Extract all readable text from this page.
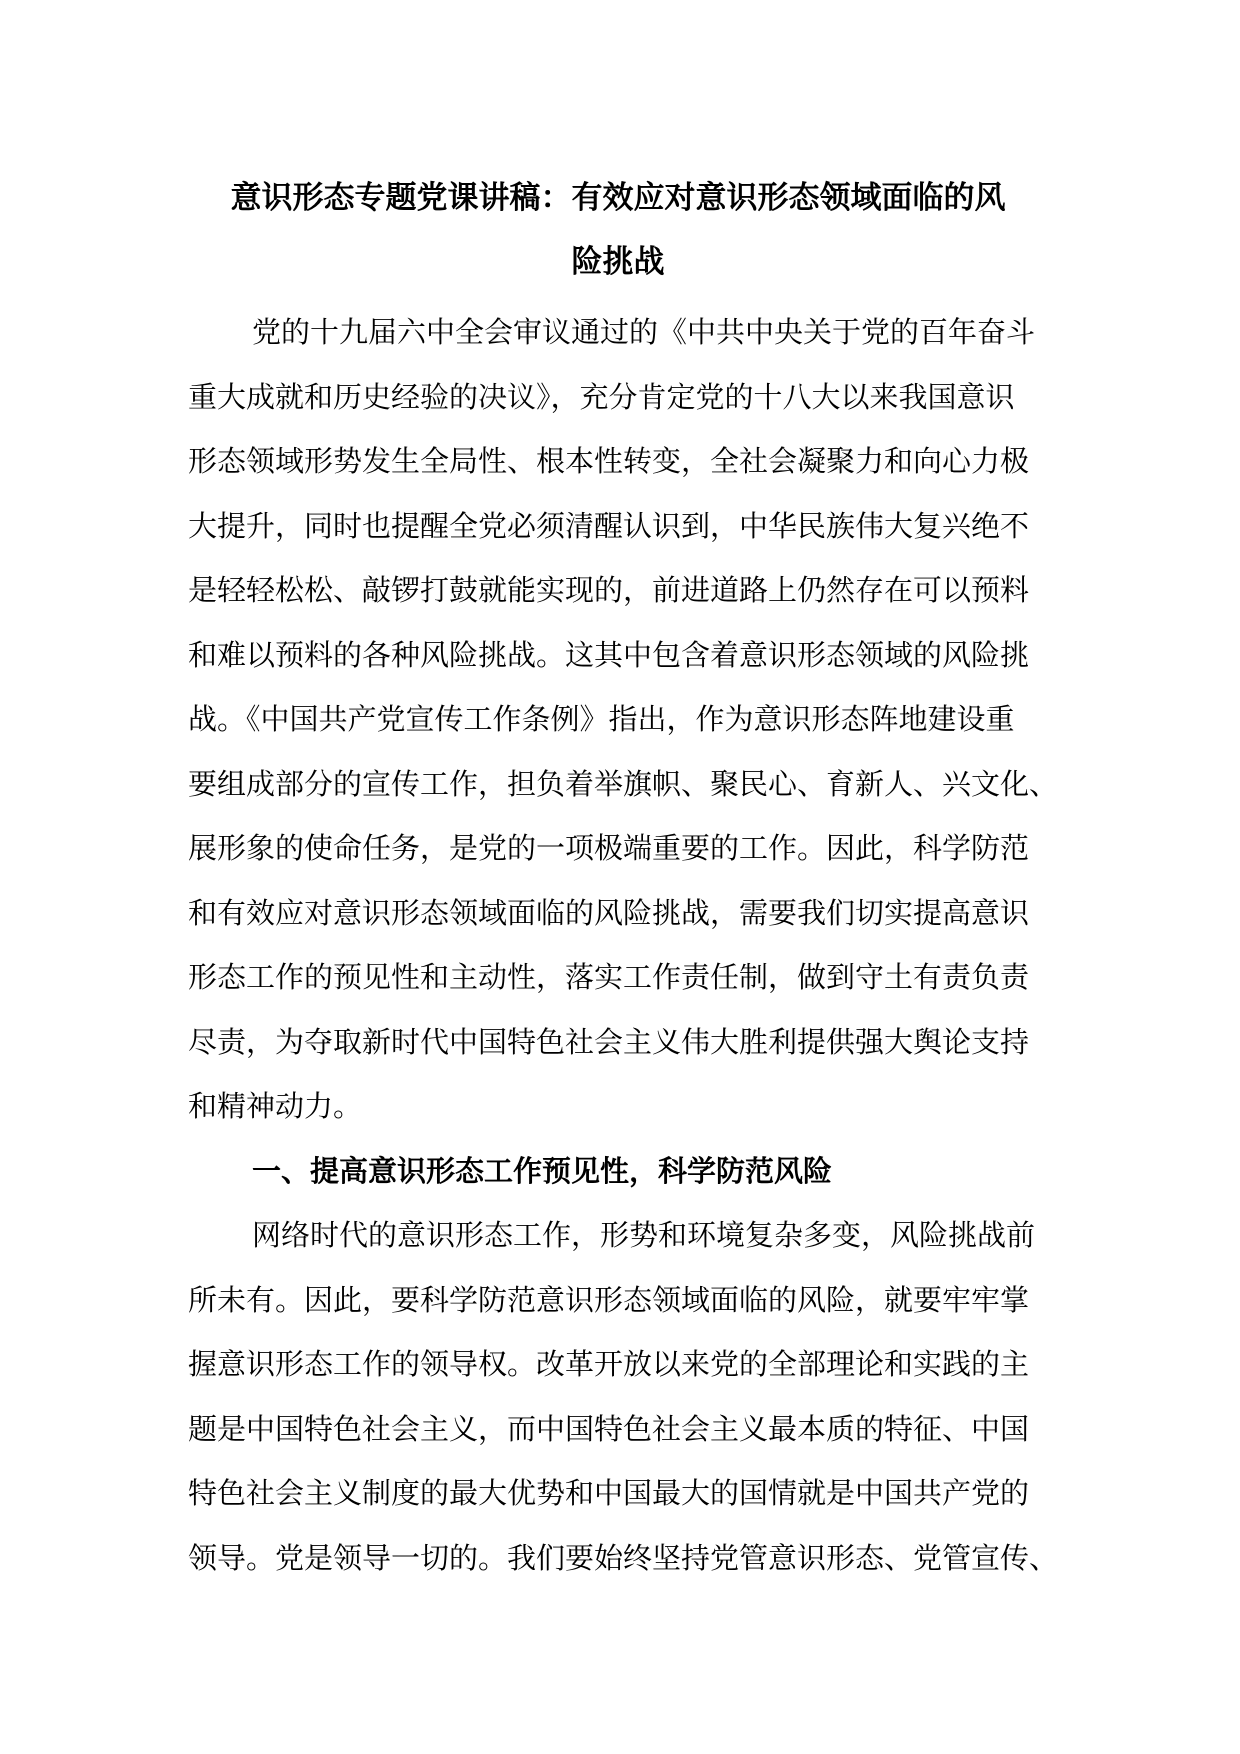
意识形态专题党课讲稿：有效应对意识形态领域面临的风
险挑战
党的十九届六中全会审议通过的《中共中央关于党的百年奋斗
重大成就和历史经验的决议》，充分肯定党的十八大以来我国意识
形态领域形势发生全局性、根本性转变，全社会凝聚力和向心力极
大提升，同时也提醒全党必须清醒认识到，中华民族伟大复兴绝不
是轻轻松松、敲锣打鼓就能实现的，前进道路上仍然存在可以预料
和难以预料的各种风险挑战。这其中包含着意识形态领域的风险挑
战。《中国共产党宣传工作条例》指出，作为意识形态阵地建设重
要组成部分的宣传工作，担负着举旗帜、聚民心、育新人、兴文化、
展形象的使命任务，是党的一项极端重要的工作。因此，科学防范
和有效应对意识形态领域面临的风险挑战，需要我们切实提高意识
形态工作的预见性和主动性，落实工作责任制，做到守土有责负责
尽责，为夺取新时代中国特色社会主义伟大胜利提供强大舆论支持
和精神动力。
一、提高意识形态工作预见性，科学防范风险
网络时代的意识形态工作，形势和环境复杂多变，风险挑战前
所未有。因此，要科学防范意识形态领域面临的风险，就要牢牢掌
握意识形态工作的领导权。改革开放以来党的全部理论和实践的主
题是中国特色社会主义，而中国特色社会主义最本质的特征、中国
特色社会主义制度的最大优势和中国最大的国情就是中国共产党的
领导。党是领导一切的。我们要始终坚持党管意识形态、党管宣传、
